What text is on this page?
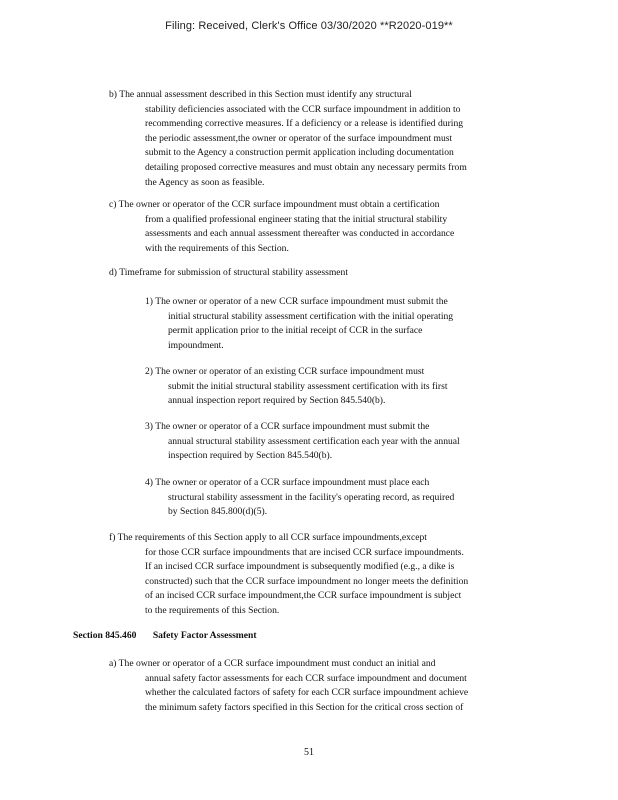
Filing: Received, Clerk's Office 03/30/2020 **R2020-019**
b) The annual assessment described in this Section must identify any structural
stability deficiencies associated with the CCR surface impoundment in addition to
recommending corrective measures. If a deficiency or a release is identified during
the periodic assessment,the owner or operator of the surface impoundment must
submit to the Agency a construction permit application including documentation
detailing proposed corrective measures and must obtain any necessary permits from
the Agency as soon as feasible.
c) The owner or operator of the CCR surface impoundment must obtain a certification
from a qualified professional engineer stating that the initial structural stability
assessments and each annual assessment thereafter was conducted in accordance
with the requirements of this Section.
d) Timeframe for submission of structural stability assessment
1) The owner or operator of a new CCR surface impoundment must submit the
initial structural stability assessment certification with the initial operating
permit application prior to the initial receipt of CCR in the surface
impoundment.
2) The owner or operator of an existing CCR surface impoundment must
submit the initial structural stability assessment certification with its first
annual inspection report required by Section 845.540(b).
3) The owner or operator of a CCR surface impoundment must submit the
annual structural stability assessment certification each year with the annual
inspection required by Section 845.540(b).
4) The owner or operator of a CCR surface impoundment must place each
structural stability assessment in the facility's operating record, as required
by Section 845.800(d)(5).
f) The requirements of this Section apply to all CCR surface impoundments,except
for those CCR surface impoundments that are incised CCR surface impoundments.
If an incised CCR surface impoundment is subsequently modified (e.g., a dike is
constructed) such that the CCR surface impoundment no longer meets the definition
of an incised CCR surface impoundment,the CCR surface impoundment is subject
to the requirements of this Section.
Section 845.460 Safety Factor Assessment
a) The owner or operator of a CCR surface impoundment must conduct an initial and
annual safety factor assessments for each CCR surface impoundment and document
whether the calculated factors of safety for each CCR surface impoundment achieve
the minimum safety factors specified in this Section for the critical cross section of
51
